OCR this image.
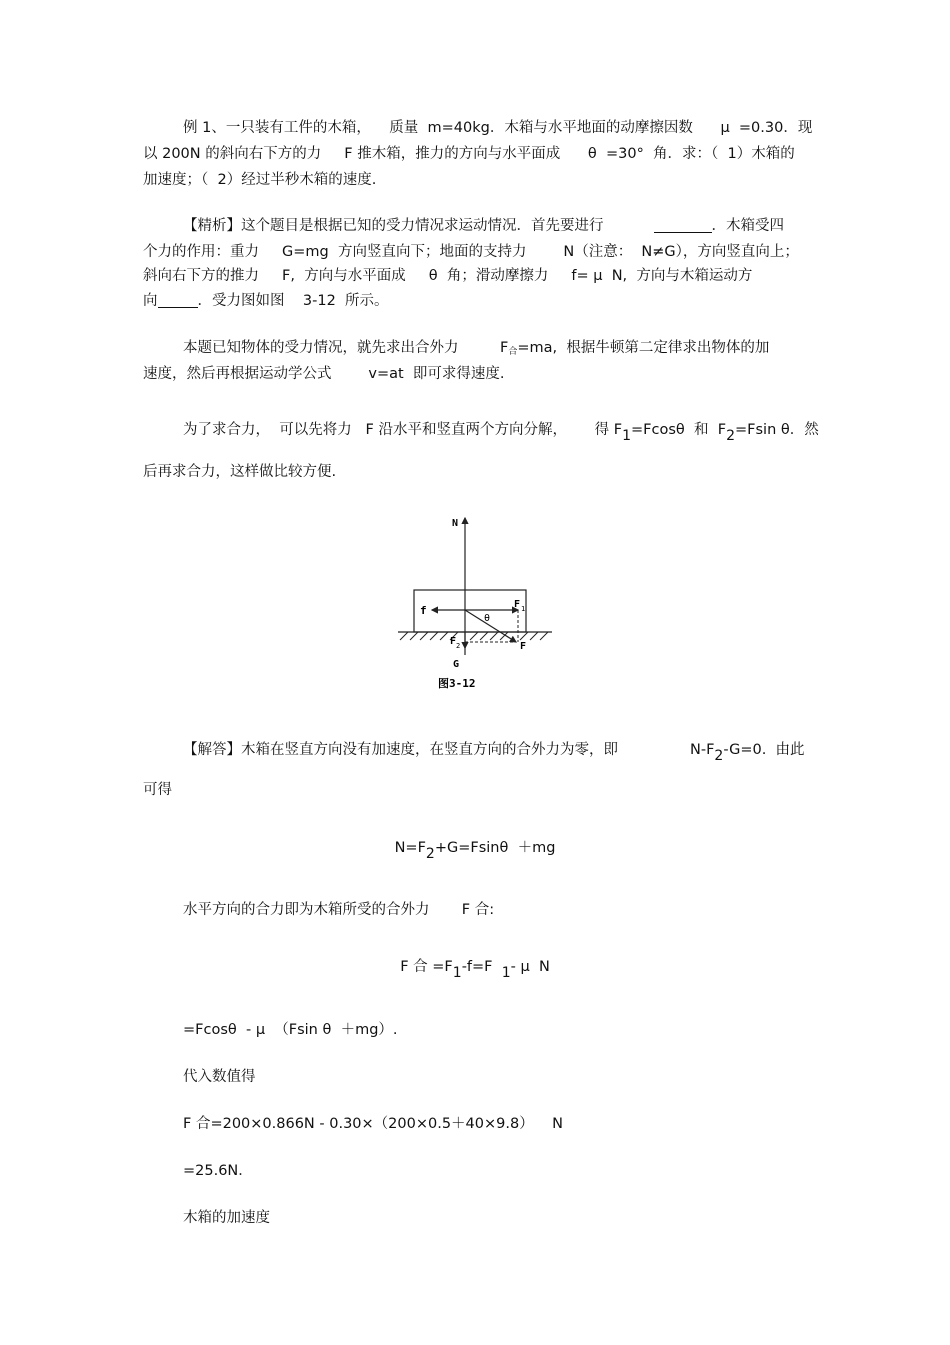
例 1、一只装有工件的木箱，    质量  m=40kg．木箱与水平地面的动摩擦因数      μ  =0.30．现
以 200N 的斜向右下方的力     F 推木箱，推力的方向与水平面成      θ  =30°  角．求：（  1）木箱的
加速度；（  2）经过半秒木箱的速度.
【精析】这个题目是根据已知的受力情况求运动情况．首先要进行	．木箱受四
个力的作用：重力     G=mg  方向竖直向下；地面的支持力        N（注意：  N≠G），方向竖直向上；
斜向右下方的推力     F,  方向与水平面成     θ  角；滑动摩擦力     f= μ  N,  方向与木箱运动方
向	．受力图如图    3-12  所示。
本题已知物体的受力情况，就先求出合外力         $F^合=ma$,  根据牛顿第二定律求出物体的加
速度，然后再根据运动学公式        v=at  即可求得速度.
为了求合力，  可以先将力   F 沿水平和竖直两个方向分解，      得 $F_1=Fcos\theta$  和  $F_2=Fsin$ θ．然
后再求合力，这样做比较方便.
N
f
θ
F 1
F 2	F
G
图3-12
【解答】木箱在竖直方向没有加速度，在竖直方向的合外力为零，即	$N-F_2-G=0$.  由此
可得
$N=F_2+G=Fsin\theta +mg$
水平方向的合力即为木箱所受的合外力       F 合:
F 合 $=F_1-f=F$  $_1$- μ  N
=Fcosθ  - μ  （Fsin θ  ＋mg）.
代入数值得
F 合=200×0.866N - 0.30×（200×0.5＋40×9.8）    N
=25.6N．
木箱的加速度
